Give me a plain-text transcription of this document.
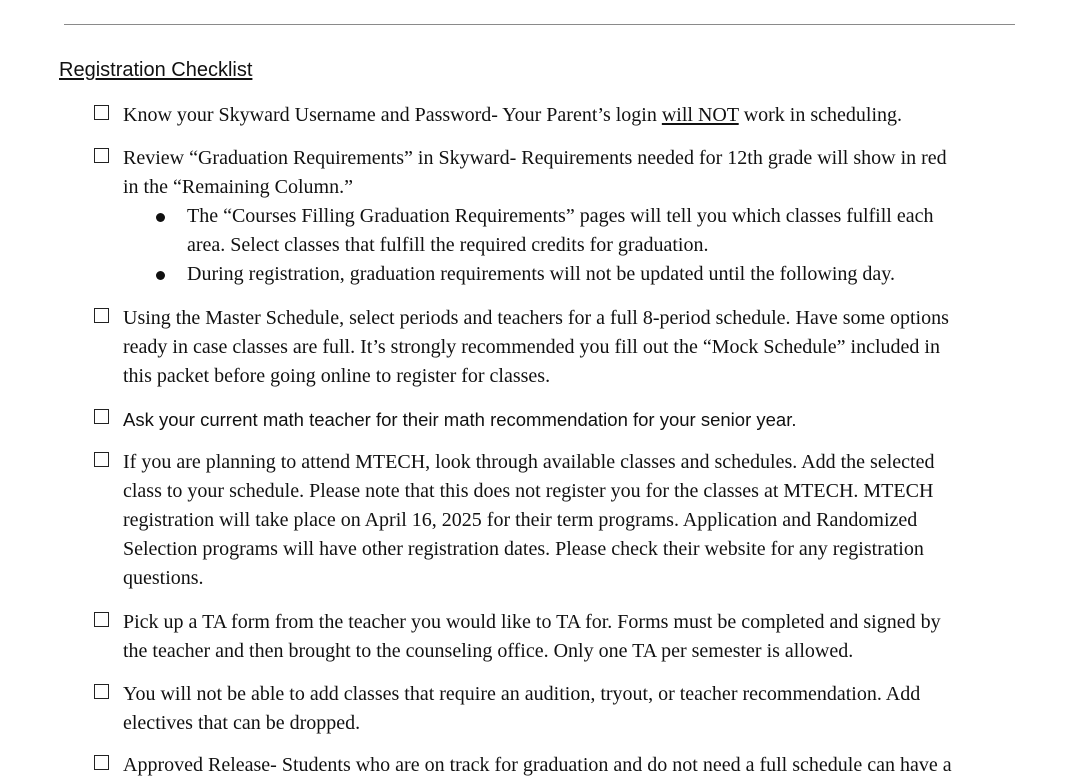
Registration Checklist
Know your Skyward Username and Password- Your Parent’s login will NOT work in scheduling.
Review “Graduation Requirements” in Skyward- Requirements needed for 12th grade will show in red
in the “Remaining Column.”
The “Courses Filling Graduation Requirements” pages will tell you which classes fulfill each
area. Select classes that fulfill the required credits for graduation.
During registration, graduation requirements will not be updated until the following day.
Using the Master Schedule, select periods and teachers for a full 8-period schedule. Have some options
ready in case classes are full. It’s strongly recommended you fill out the “Mock Schedule” included in
this packet before going online to register for classes.
Ask your current math teacher for their math recommendation for your senior year.
If you are planning to attend MTECH, look through available classes and schedules. Add the selected
class to your schedule. Please note that this does not register you for the classes at MTECH. MTECH
registration will take place on April 16, 2025 for their term programs. Application and Randomized
Selection programs will have other registration dates. Please check their website for any registration
questions.
Pick up a TA form from the teacher you would like to TA for. Forms must be completed and signed by
the teacher and then brought to the counseling office. Only one TA per semester is allowed.
You will not be able to add classes that require an audition, tryout, or teacher recommendation. Add
electives that can be dropped.
Approved Release- Students who are on track for graduation and do not need a full schedule can have a
